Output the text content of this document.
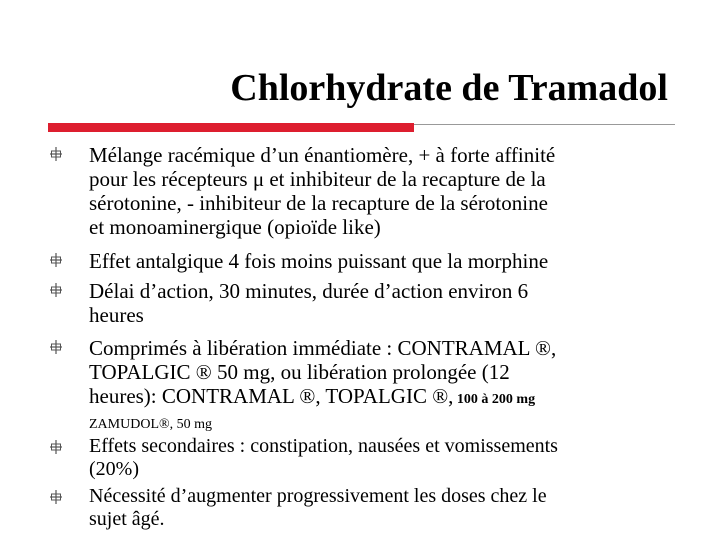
Chlorhydrate de Tramadol
Mélange racémique d’un énantiomère, + à forte affinité
pour les récepteurs μ et inhibiteur de la recapture de la
sérotonine, - inhibiteur de la recapture de la sérotonine
et monoaminergique (opioïde like)
Effet antalgique 4 fois moins puissant que la morphine
Délai d’action, 30 minutes, durée d’action environ 6
heures
Comprimés à libération immédiate : CONTRAMAL ®,
TOPALGIC ® 50 mg, ou libération prolongée (12
heures): CONTRAMAL ®, TOPALGIC ®, 100 à 200 mg
ZAMUDOL®, 50 mg
Effets secondaires : constipation, nausées et vomissements
(20%)
Nécessité d’augmenter progressivement les doses chez le
sujet âgé.
